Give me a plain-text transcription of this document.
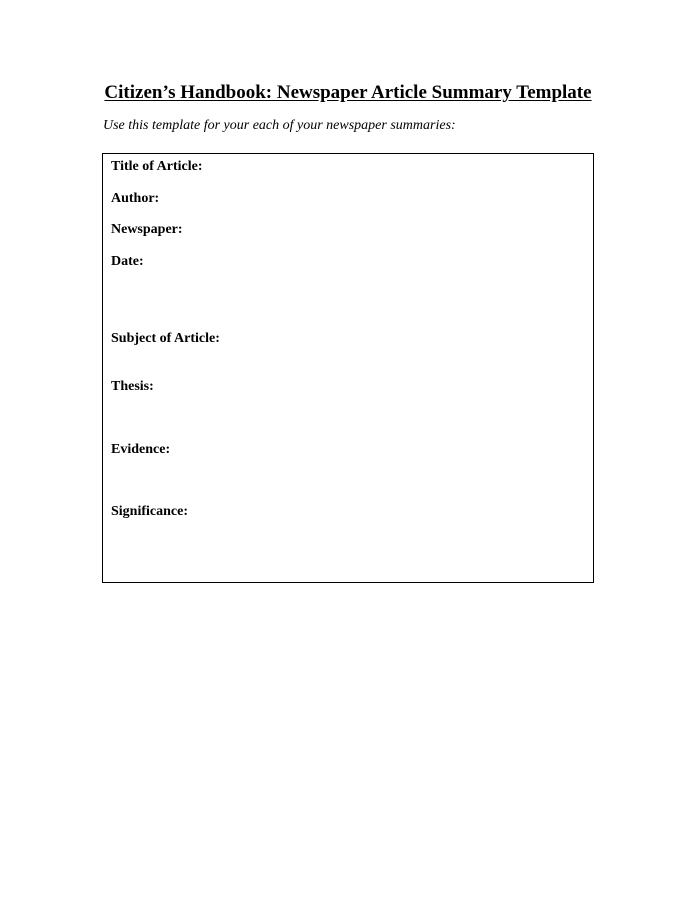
Citizen’s Handbook: Newspaper Article Summary Template

Use this template for your each of your newspaper summaries:

Title of Article:
Author:
Newspaper:
Date:
Subject of Article:
Thesis:
Evidence:
Significance:
